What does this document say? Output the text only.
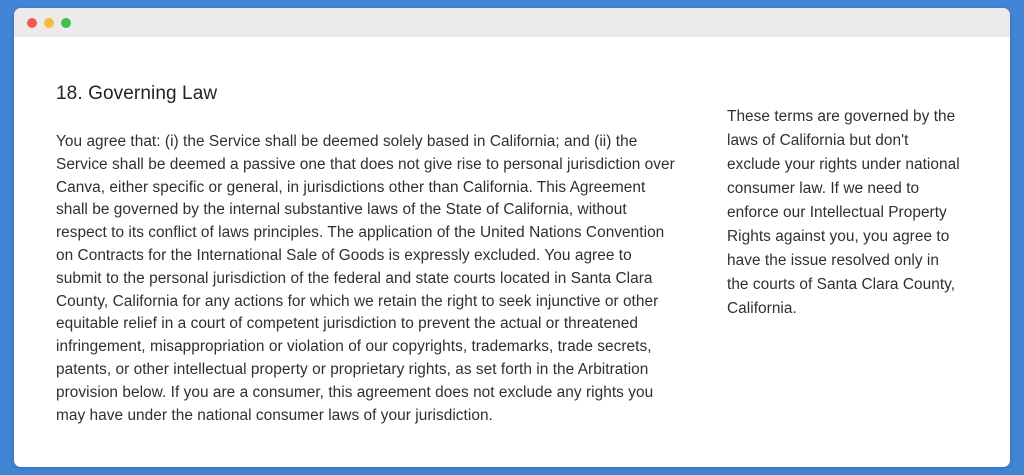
18. Governing Law

You agree that: (i) the Service shall be deemed solely based in California; and (ii) the Service shall be deemed a passive one that does not give rise to personal jurisdiction over Canva, either specific or general, in jurisdictions other than California. This Agreement shall be governed by the internal substantive laws of the State of California, without respect to its conflict of laws principles. The application of the United Nations Convention on Contracts for the International Sale of Goods is expressly excluded. You agree to submit to the personal jurisdiction of the federal and state courts located in Santa Clara County, California for any actions for which we retain the right to seek injunctive or other equitable relief in a court of competent jurisdiction to prevent the actual or threatened infringement, misappropriation or violation of our copyrights, trademarks, trade secrets, patents, or other intellectual property or proprietary rights, as set forth in the Arbitration provision below. If you are a consumer, this agreement does not exclude any rights you may have under the national consumer laws of your jurisdiction.

These terms are governed by the laws of California but don't exclude your rights under national consumer law. If we need to enforce our Intellectual Property Rights against you, you agree to have the issue resolved only in the courts of Santa Clara County, California.
